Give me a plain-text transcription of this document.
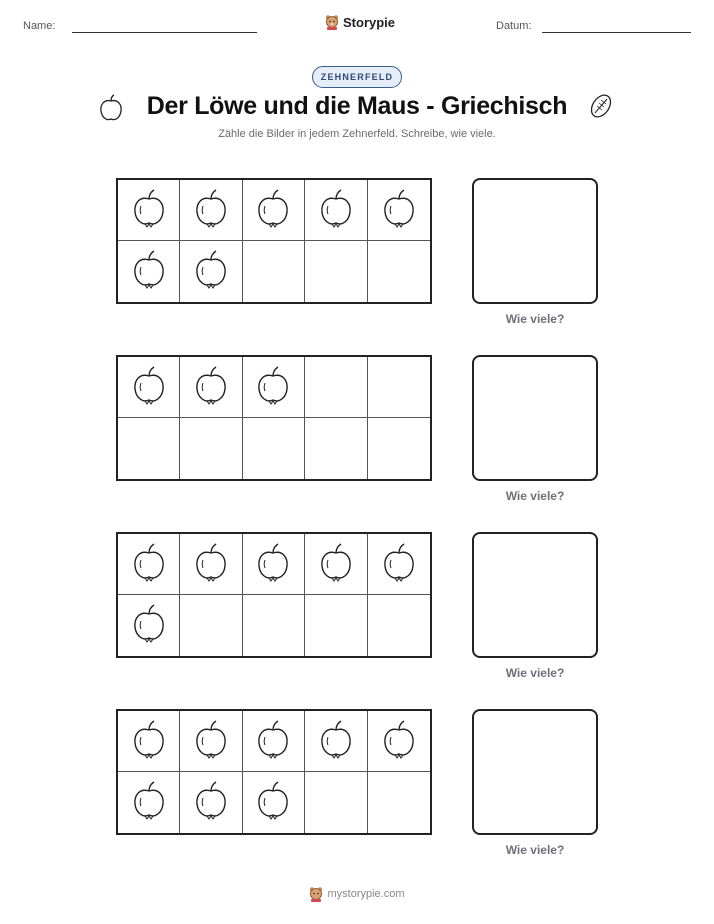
Name:	Storypie	Datum:
ZEHNERFELD
Der Löwe und die Maus - Griechisch
Zähle die Bilder in jedem Zehnerfeld. Schreibe, wie viele.
Wie viele?
Wie viele?
Wie viele?
Wie viele?
mystorypie.com
